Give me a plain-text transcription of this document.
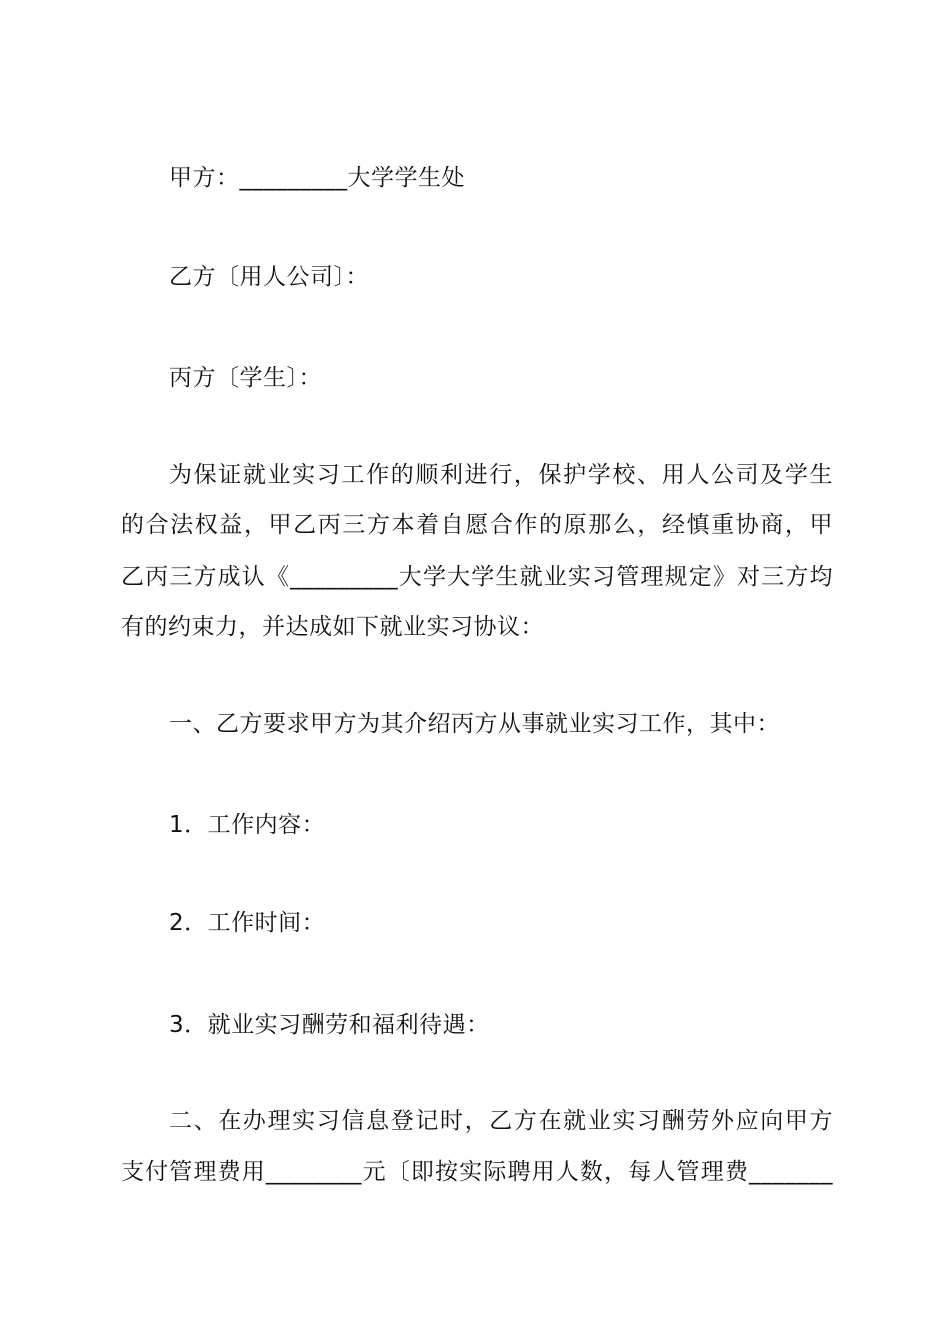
甲方：_________大学学生处
乙方〔用人公司〕：
丙方〔学生〕：
为保证就业实习工作的顺利进行，保护学校、用人公司及学生
的合法权益，甲乙丙三方本着自愿合作的原那么，经慎重协商，甲
乙丙三方成认《_________大学大学生就业实习管理规定》对三方均
有的约束力，并达成如下就业实习协议：
一、乙方要求甲方为其介绍丙方从事就业实习工作，其中：
1．工作内容：
2．工作时间：
3．就业实习酬劳和福利待遇：
二、在办理实习信息登记时，乙方在就业实习酬劳外应向甲方
支付管理费用________元〔即按实际聘用人数，每人管理费_______
